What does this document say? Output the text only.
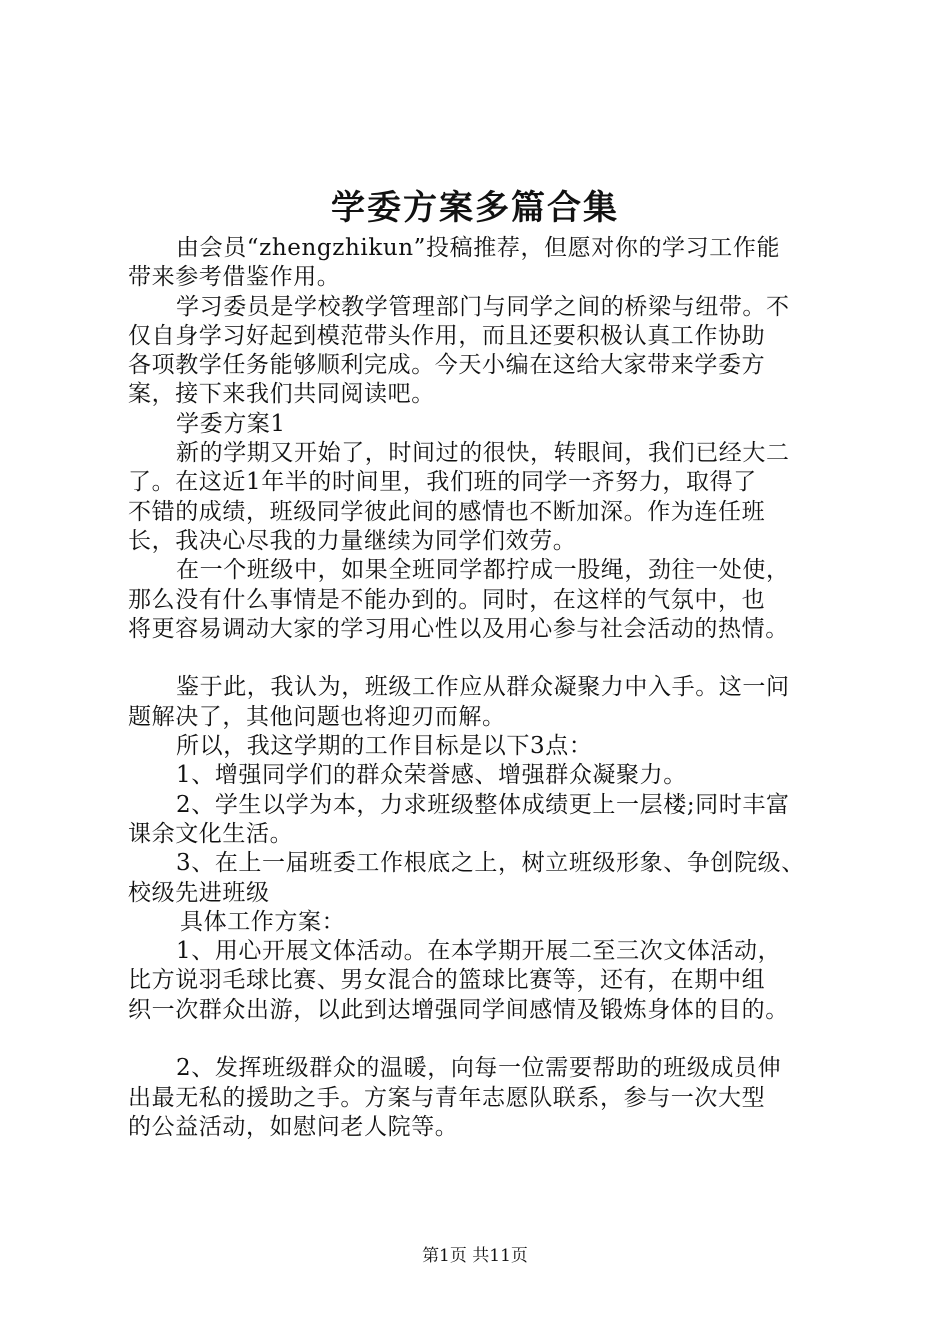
学委方案多篇合集
由会员“zhengzhikun”投稿推荐，但愿对你的学习工作能
带来参考借鉴作用。
学习委员是学校教学管理部门与同学之间的桥梁与纽带。不
仅自身学习好起到模范带头作用，而且还要积极认真工作协助
各项教学任务能够顺利完成。今天小编在这给大家带来学委方
案，接下来我们共同阅读吧。
学委方案1
新的学期又开始了，时间过的很快，转眼间，我们已经大二
了。在这近1年半的时间里，我们班的同学一齐努力，取得了
不错的成绩，班级同学彼此间的感情也不断加深。作为连任班
长，我决心尽我的力量继续为同学们效劳。
在一个班级中，如果全班同学都拧成一股绳，劲往一处使，
那么没有什么事情是不能办到的。同时，在这样的气氛中，也
将更容易调动大家的学习用心性以及用心参与社会活动的热情。
鉴于此，我认为，班级工作应从群众凝聚力中入手。这一问
题解决了，其他问题也将迎刃而解。
所以，我这学期的工作目标是以下3点：
1、增强同学们的群众荣誉感、增强群众凝聚力。
2、学生以学为本，力求班级整体成绩更上一层楼;同时丰富
课余文化生活。
3、在上一届班委工作根底之上，树立班级形象、争创院级、
校级先进班级
具体工作方案：
1、用心开展文体活动。在本学期开展二至三次文体活动，
比方说羽毛球比赛、男女混合的篮球比赛等，还有，在期中组
织一次群众出游，以此到达增强同学间感情及锻炼身体的目的。
2、发挥班级群众的温暖，向每一位需要帮助的班级成员伸
出最无私的援助之手。方案与青年志愿队联系，参与一次大型
的公益活动，如慰问老人院等。
第1页 共11页
